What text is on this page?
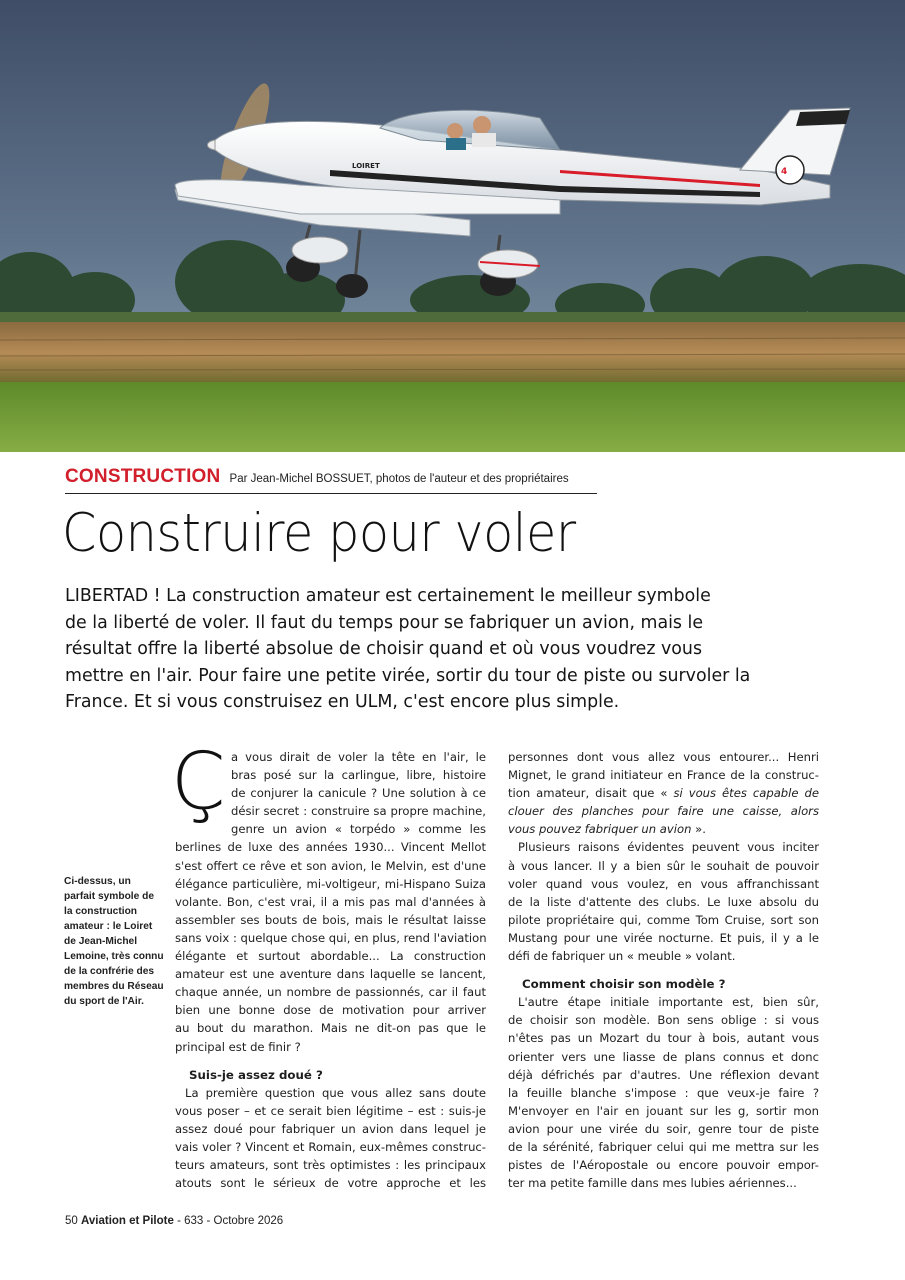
4
LOIRET
CONSTRUCTION Par Jean-Michel BOSSUET, photos de l'auteur et des propriétaires
Construire pour voler

LIBERTAD ! La construction amateur est certainement le meilleur symbole
de la liberté de voler. Il faut du temps pour se fabriquer un avion, mais le
résultat offre la liberté absolue de choisir quand et où vous voudrez vous
mettre en l'air. Pour faire une petite virée, sortir du tour de piste ou survoler la
France. Et si vous construisez en ULM, c'est encore plus simple.

Ci-dessus, un parfait symbole de la construction amateur : le Loiret de Jean-Michel Lemoine, très connu de la confrérie des membres du Réseau du sport de l'Air.
Ç a vous dirait de voler la tête en l'air, le
bras posé sur la carlingue, libre, histoire
de conjurer la canicule ? Une solution à ce
désir secret : construire sa propre machine,
genre un avion « torpédo » comme les
berlines de luxe des années 1930... Vincent Mellot
s'est offert ce rêve et son avion, le Melvin, est d'une
élégance particulière, mi-voltigeur, mi-Hispano Suiza
volante. Bon, c'est vrai, il a mis pas mal d'années à
assembler ses bouts de bois, mais le résultat laisse
sans voix : quelque chose qui, en plus, rend l'aviation
élégante et surtout abordable... La construction
amateur est une aventure dans laquelle se lancent,
chaque année, un nombre de passionnés, car il faut
bien une bonne dose de motivation pour arriver
au bout du marathon. Mais ne dit-on pas que le
principal est de finir ?
Suis-je assez doué ?
La première question que vous allez sans doute
vous poser – et ce serait bien légitime – est : suis-je
assez doué pour fabriquer un avion dans lequel je
vais voler ? Vincent et Romain, eux-mêmes construc-
teurs amateurs, sont très optimistes : les principaux
atouts sont le sérieux de votre approche et les
personnes dont vous allez vous entourer... Henri
Mignet, le grand initiateur en France de la construc-
tion amateur, disait que « si vous êtes capable de
clouer des planches pour faire une caisse, alors
vous pouvez fabriquer un avion ».
Plusieurs raisons évidentes peuvent vous inciter
à vous lancer. Il y a bien sûr le souhait de pouvoir
voler quand vous voulez, en vous affranchissant
de la liste d'attente des clubs. Le luxe absolu du
pilote propriétaire qui, comme Tom Cruise, sort son
Mustang pour une virée nocturne. Et puis, il y a le
défi de fabriquer un « meuble » volant.
Comment choisir son modèle ?
L'autre étape initiale importante est, bien sûr,
de choisir son modèle. Bon sens oblige : si vous
n'êtes pas un Mozart du tour à bois, autant vous
orienter vers une liasse de plans connus et donc
déjà défrichés par d'autres. Une réflexion devant
la feuille blanche s'impose : que veux-je faire ?
M'envoyer en l'air en jouant sur les g, sortir mon
avion pour une virée du soir, genre tour de piste
de la sérénité, fabriquer celui qui me mettra sur les
pistes de l'Aéropostale ou encore pouvoir empor-
ter ma petite famille dans mes lubies aériennes...
50 Aviation et Pilote - 633 - Octobre 2026
